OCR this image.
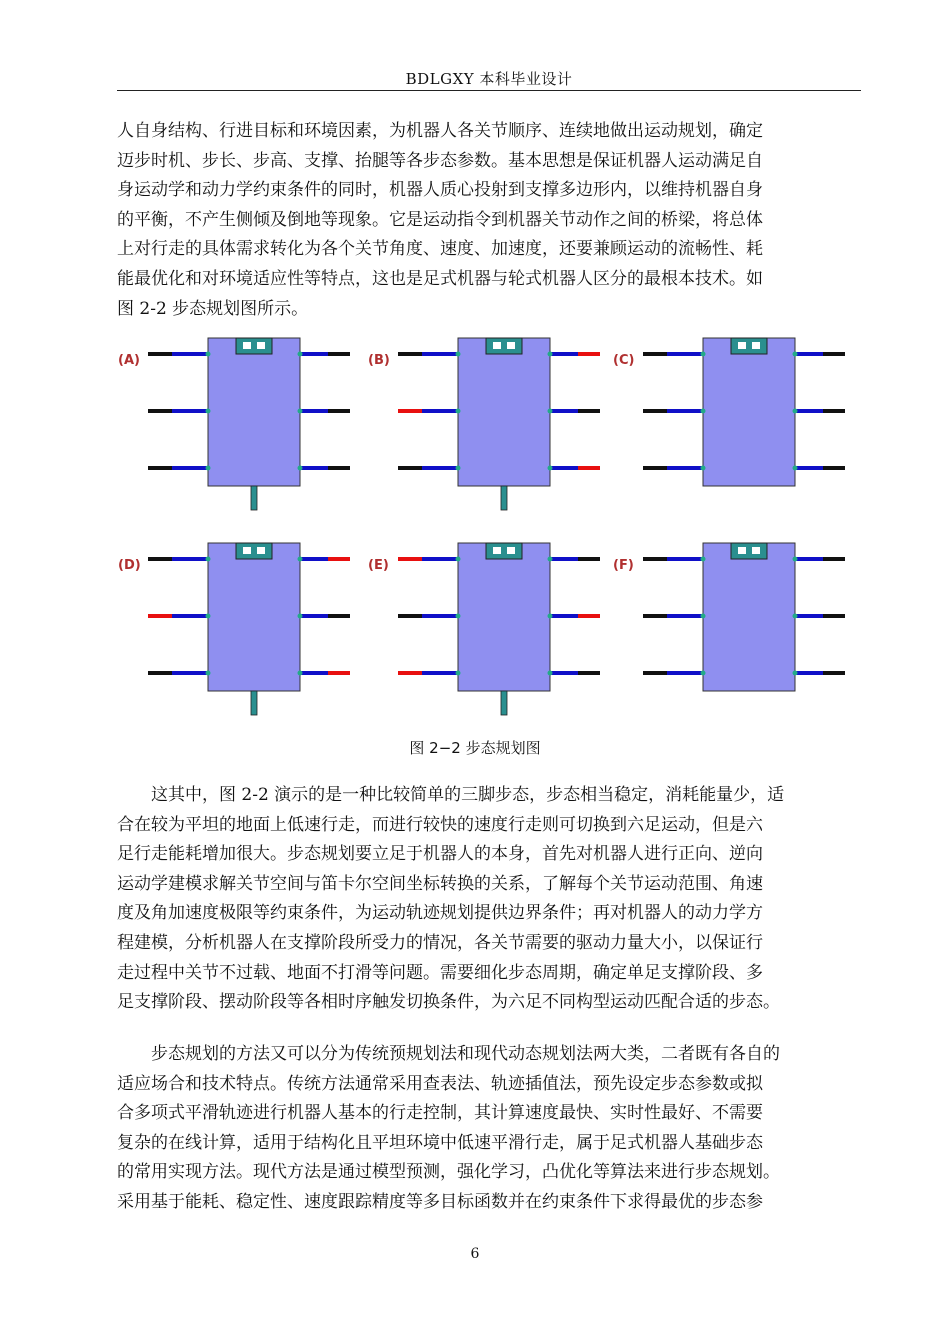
BDLGXY 本科毕业设计
人自身结构、行进目标和环境因素，为机器人各关节顺序、连续地做出运动规划，确定
迈步时机、步长、步高、支撑、抬腿等各步态参数。基本思想是保证机器人运动满足自
身运动学和动力学约束条件的同时，机器人质心投射到支撑多边形内，以维持机器自身
的平衡，不产生侧倾及倒地等现象。它是运动指令到机器关节动作之间的桥梁，将总体
上对行走的具体需求转化为各个关节角度、速度、加速度，还要兼顾运动的流畅性、耗
能最优化和对环境适应性等特点，这也是足式机器与轮式机器人区分的最根本技术。如
图 2-2 步态规划图所示。
(A)	(B)	(C)
(D)	(E)	(F)
图 2−2 步态规划图
这其中，图 2-2 演示的是一种比较简单的三脚步态，步态相当稳定，消耗能量少，适
合在较为平坦的地面上低速行走，而进行较快的速度行走则可切换到六足运动，但是六
足行走能耗增加很大。步态规划要立足于机器人的本身，首先对机器人进行正向、逆向
运动学建模求解关节空间与笛卡尔空间坐标转换的关系，了解每个关节运动范围、角速
度及角加速度极限等约束条件，为运动轨迹规划提供边界条件；再对机器人的动力学方
程建模，分析机器人在支撑阶段所受力的情况，各关节需要的驱动力量大小，以保证行
走过程中关节不过载、地面不打滑等问题。需要细化步态周期，确定单足支撑阶段、多
足支撑阶段、摆动阶段等各相时序触发切换条件，为六足不同构型运动匹配合适的步态。
步态规划的方法又可以分为传统预规划法和现代动态规划法两大类，二者既有各自的
适应场合和技术特点。传统方法通常采用查表法、轨迹插值法，预先设定步态参数或拟
合多项式平滑轨迹进行机器人基本的行走控制，其计算速度最快、实时性最好、不需要
复杂的在线计算，适用于结构化且平坦环境中低速平滑行走，属于足式机器人基础步态
的常用实现方法。现代方法是通过模型预测，强化学习，凸优化等算法来进行步态规划。
采用基于能耗、稳定性、速度跟踪精度等多目标函数并在约束条件下求得最优的步态参
6
